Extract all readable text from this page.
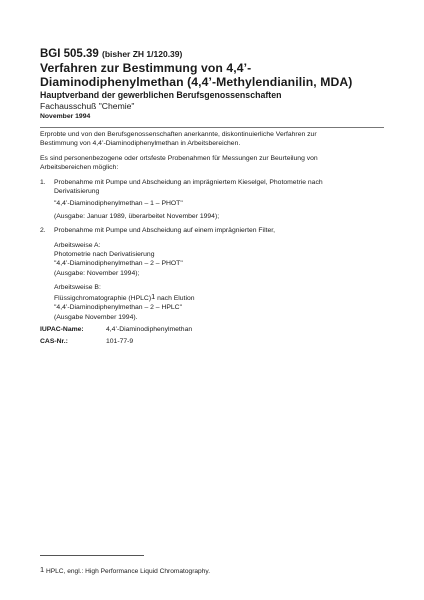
BGI 505.39 (bisher ZH 1/120.39)
Verfahren zur Bestimmung von 4,4’-
Diaminodiphenylmethan (4,4’-Methylendianilin, MDA)
Hauptverband der gewerblichen Berufsgenossenschaften
Fachausschuß "Chemie"
November 1994

Erprobte und von den Berufsgenossenschaften anerkannte, diskontinuierliche Verfahren zur
Bestimmung von 4,4’-Diaminodiphenylmethan in Arbeitsbereichen.

Es sind personenbezogene oder ortsfeste Probenahmen für Messungen zur Beurteilung von
Arbeitsbereichen möglich:

1. Probenahme mit Pumpe und Abscheidung an imprägniertem Kieselgel, Photometrie nach
Derivatisierung
"4,4’-Diaminodiphenylmethan – 1 – PHOT"
(Ausgabe: Januar 1989, überarbeitet November 1994);
2. Probenahme mit Pumpe und Abscheidung auf einem imprägnierten Filter,
Arbeitsweise A:
Photometrie nach Derivatisierung
"4,4’-Diaminodiphenylmethan – 2 – PHOT"
(Ausgabe: November 1994);
Arbeitsweise B:
Flüssigchromatographie (HPLC)1 nach Elution
"4,4’-Diaminodiphenylmethan – 2 – HPLC"
(Ausgabe November 1994).
IUPAC-Name:	4,4’-Diaminodiphenylmethan
CAS-Nr.:	101-77-9
1 HPLC, engl.: High Performance Liquid Chromatography.
